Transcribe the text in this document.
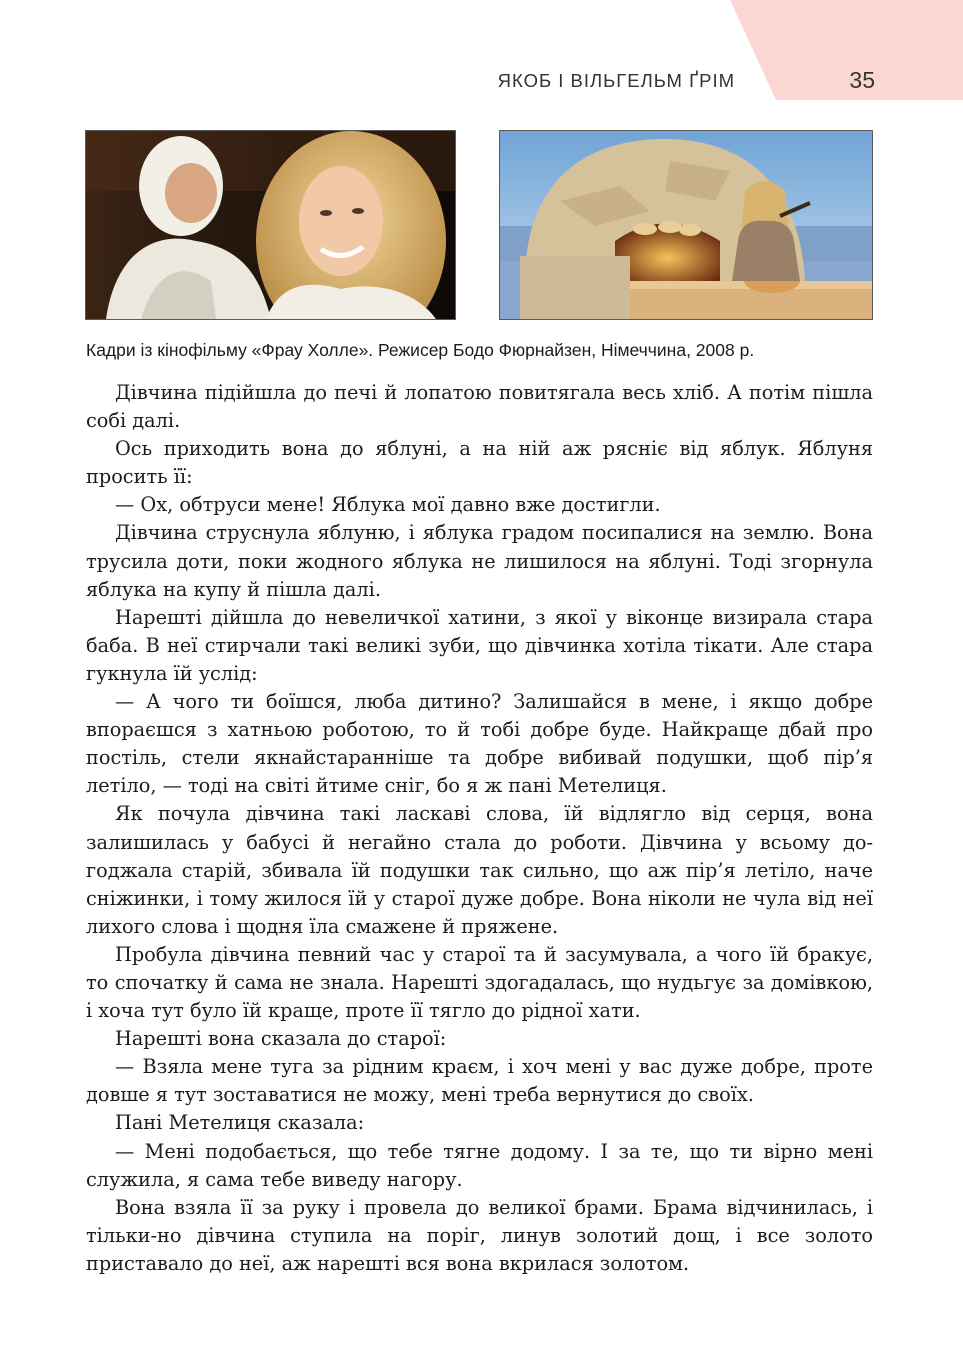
ЯКОБ І ВІЛЬГЕЛЬМ ҐРІМ	35
Кадри із кінофільму «Фрау Холле». Режисер Бодо Фюрнайзен, Німеччина, 2008 р.

Дівчина підійшла до печі й лопатою повитягала весь хліб. А потім пішла собі далі.

Ось приходить вона до яблуні, а на ній аж рясніє від яблук. Яблуня просить її:

— Ох, обтруси мене! Яблука мої давно вже достигли.

Дівчина струснула яблуню, і яблука градом посипалися на землю. Вона трусила доти, поки жодного яблука не лишилося на яблуні. Тоді згорнула яблука на купу й пішла далі.

Нарешті дійшла до невеличкої хатини, з якої у віконце визирала стара баба. В неї стирчали такі великі зуби, що дівчинка хотіла тікати. Але стара гукнула їй услід:

— А чого ти боїшся, люба дитино? Залишайся в мене, і якщо добре впораєшся з хатньою роботою, то й тобі добре буде. Найкраще дбай про постіль, стели якнайстаранніше та добре вибивай подушки, щоб пір’я летіло, — тоді на світі йтиме сніг, бо я ж пані Метелиця.

Як почула дівчина такі ласкаві слова, їй відлягло від серця, вона залишилась у бабусі й негайно стала до роботи. Дівчина у всьому догоджала старій, збивала їй подушки так сильно, що аж пір’я летіло, наче сніжинки, і тому жилося їй у старої дуже добре. Вона ніколи не чула від неї лихого слова і щодня їла смажене й пряжене.

Пробула дівчина певний час у старої та й засумувала, а чого їй бракує, то спочатку й сама не знала. Нарешті здогадалась, що нудьгує за домівкою, і хоча тут було їй краще, проте її тягло до рідної хати.

Нарешті вона сказала до старої:

— Взяла мене туга за рідним краєм, і хоч мені у вас дуже добре, проте довше я тут зоставатися не можу, мені треба вернутися до своїх.

Пані Метелиця сказала:

— Мені подобається, що тебе тягне додому. І за те, що ти вірно мені служила, я сама тебе виведу нагору.

Вона взяла її за руку і провела до великої брами. Брама відчинилась, і тільки-но дівчина ступила на поріг, линув золотий дощ, і все золото приставало до неї, аж нарешті вся вона вкрилася золотом.
